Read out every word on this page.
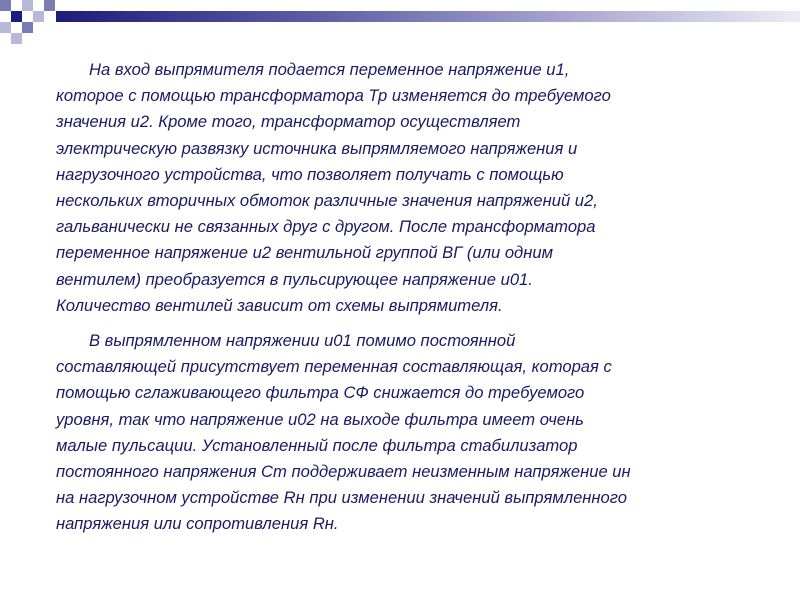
На вход выпрямителя подается переменное напряжение u1,
которое с помощью трансформатора Тр изменяется до требуемого
значения u2. Кроме того, трансформатор осуществляет
электрическую развязку источника выпрямляемого напряжения и
нагрузочного устройства, что позволяет получать с помощью
нескольких вторичных обмоток различные значения напряжений u2,
гальванически не связанных друг с другом. После трансформатора
переменное напряжение u2 вентильной группой ВГ (или одним
вентилем) преобразуется в пульсирующее напряжение u01.
Количество вентилей зависит от схемы выпрямителя.

В выпрямленном напряжении u01 помимо постоянной
составляющей присутствует переменная составляющая, которая с
помощью сглаживающего фильтра СФ снижается до требуемого
уровня, так что напряжение u02 на выходе фильтра имеет очень
малые пульсации. Установленный после фильтра стабилизатор
постоянного напряжения Ст поддерживает неизменным напряжение uн
на нагрузочном устройстве Rн при изменении значений выпрямленного
напряжения или сопротивления Rн.
